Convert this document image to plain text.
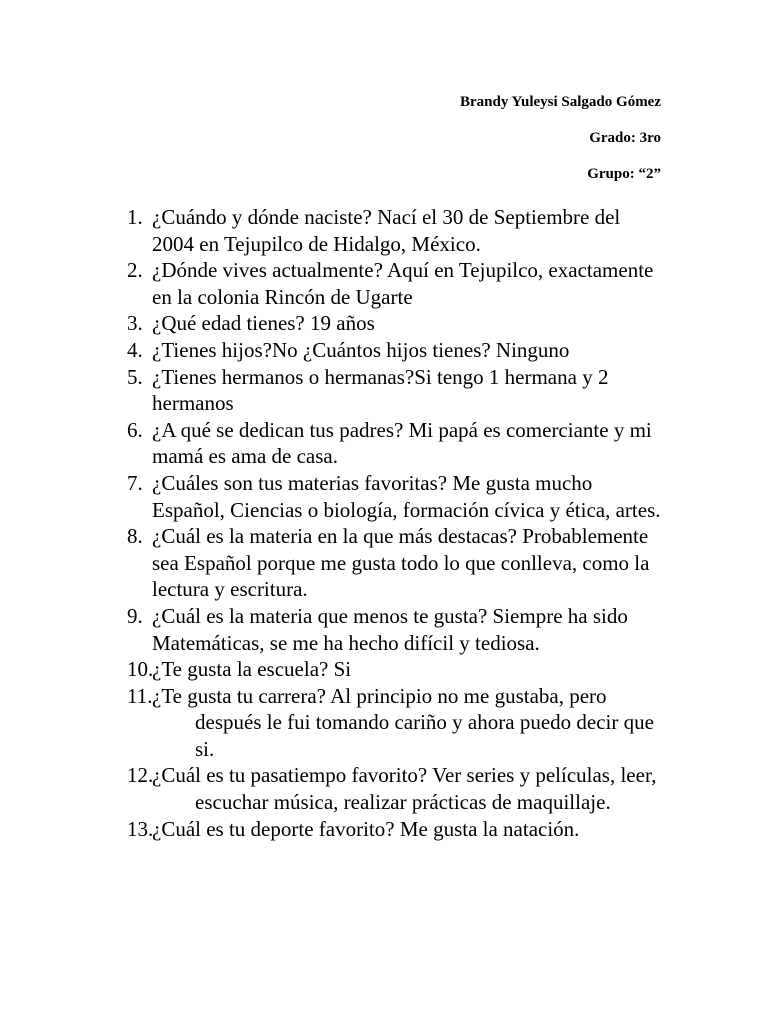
Brandy Yuleysi Salgado Gómez
Grado: 3ro
Grupo: “2”
1. ¿Cuándo y dónde naciste? Nací el 30 de Septiembre del 2004 en Tejupilco de Hidalgo, México.
2. ¿Dónde vives actualmente? Aquí en Tejupilco, exactamente en la colonia Rincón de Ugarte
3. ¿Qué edad tienes? 19 años
4. ¿Tienes hijos?No ¿Cuántos hijos tienes? Ninguno
5. ¿Tienes hermanos o hermanas?Si tengo 1 hermana y 2 hermanos
6. ¿A qué se dedican tus padres? Mi papá es comerciante y mi mamá es ama de casa.
7. ¿Cuáles son tus materias favoritas? Me gusta mucho Español, Ciencias o biología, formación cívica y ética, artes.
8. ¿Cuál es la materia en la que más destacas? Probablemente sea Español porque me gusta todo lo que conlleva, como la lectura y escritura.
9. ¿Cuál es la materia que menos te gusta? Siempre ha sido Matemáticas, se me ha hecho difícil y tediosa.
10.
¿Te gusta la escuela? Si
11. ¿Te gusta tu carrera? Al principio no me gustaba, pero después le fui tomando cariño y ahora puedo decir que si.
12.
¿Cuál es tu pasatiempo favorito? Ver series y películas, leer, escuchar música, realizar prácticas de maquillaje.
13.
¿Cuál es tu deporte favorito? Me gusta la natación.
